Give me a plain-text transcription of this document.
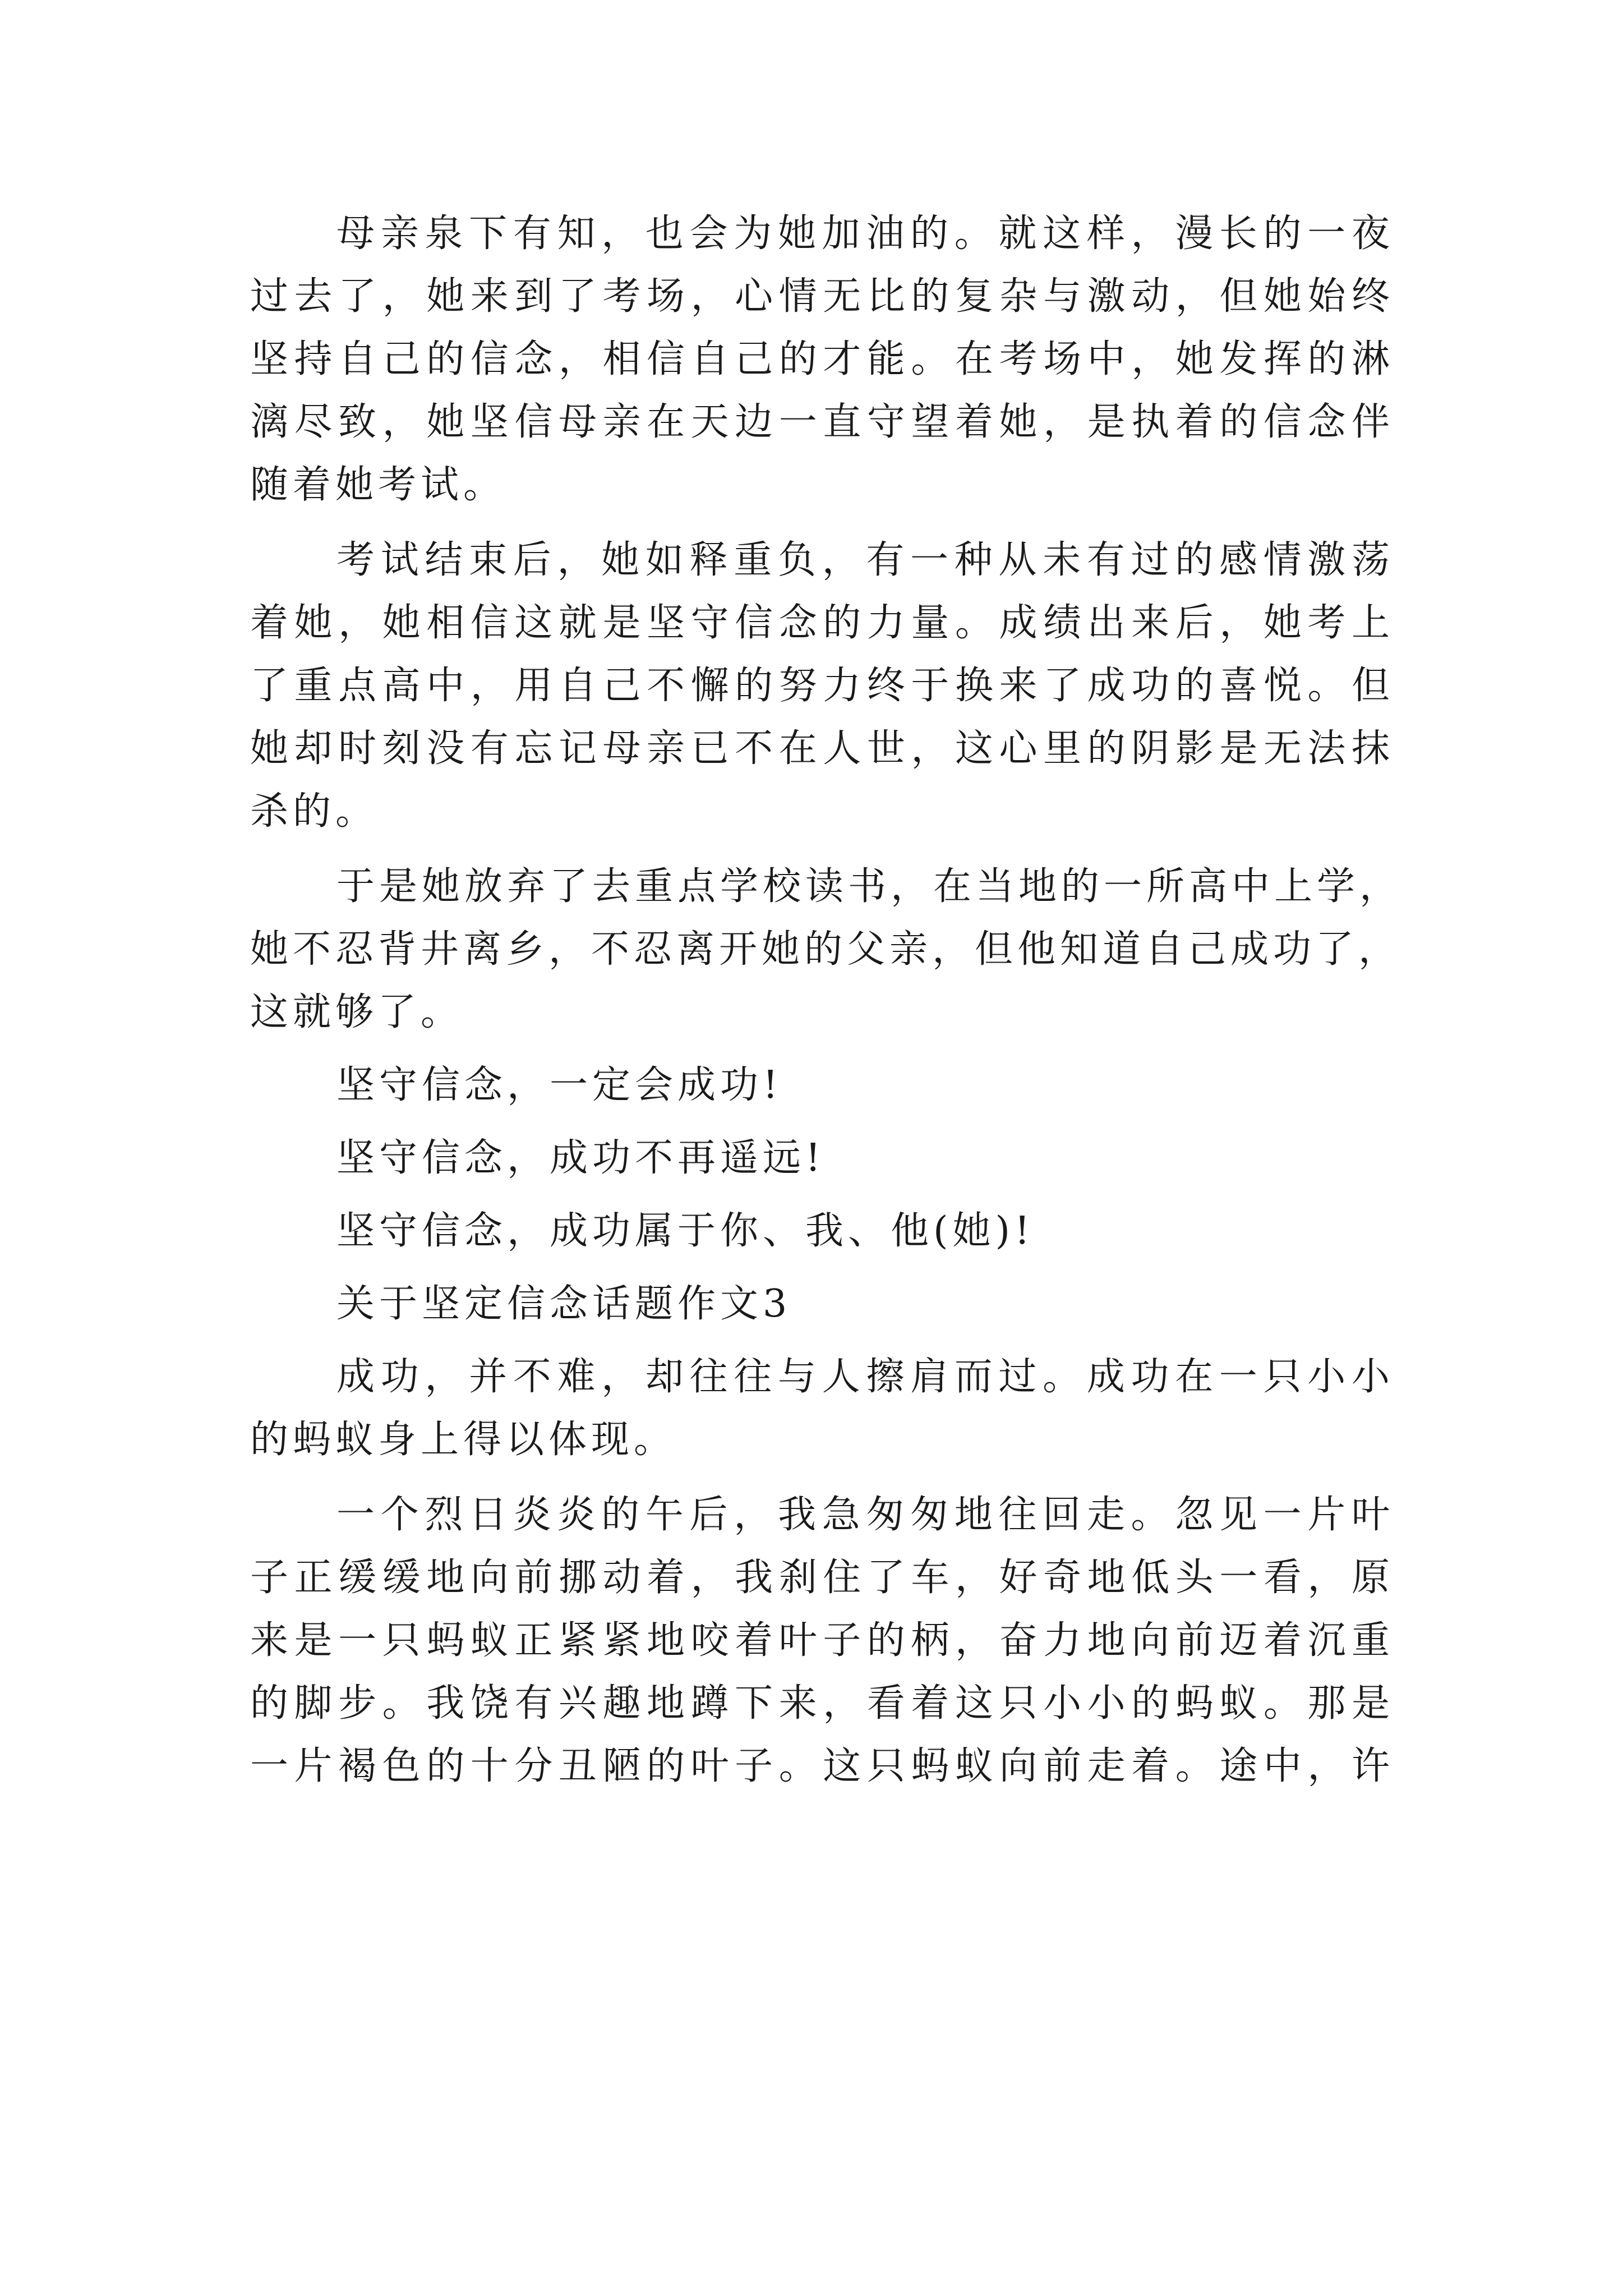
母亲泉下有知，也会为她加油的。就这样，漫长的一夜
过去了，她来到了考场，心情无比的复杂与激动，但她始终
坚持自己的信念，相信自己的才能。在考场中，她发挥的淋
漓尽致，她坚信母亲在天边一直守望着她，是执着的信念伴
随着她考试。
考试结束后，她如释重负，有一种从未有过的感情激荡
着她，她相信这就是坚守信念的力量。成绩出来后，她考上
了重点高中，用自己不懈的努力终于换来了成功的喜悦。但
她却时刻没有忘记母亲已不在人世，这心里的阴影是无法抹
杀的。
于是她放弃了去重点学校读书，在当地的一所高中上学，
她不忍背井离乡，不忍离开她的父亲，但他知道自己成功了，
这就够了。
坚守信念，一定会成功!
坚守信念，成功不再遥远!
坚守信念，成功属于你、我、他(她)!
关于坚定信念话题作文3
成功，并不难，却往往与人擦肩而过。成功在一只小小
的蚂蚁身上得以体现。
一个烈日炎炎的午后，我急匆匆地往回走。忽见一片叶
子正缓缓地向前挪动着，我刹住了车，好奇地低头一看，原
来是一只蚂蚁正紧紧地咬着叶子的柄，奋力地向前迈着沉重
的脚步。我饶有兴趣地蹲下来，看着这只小小的蚂蚁。那是
一片褐色的十分丑陋的叶子。这只蚂蚁向前走着。途中，许
